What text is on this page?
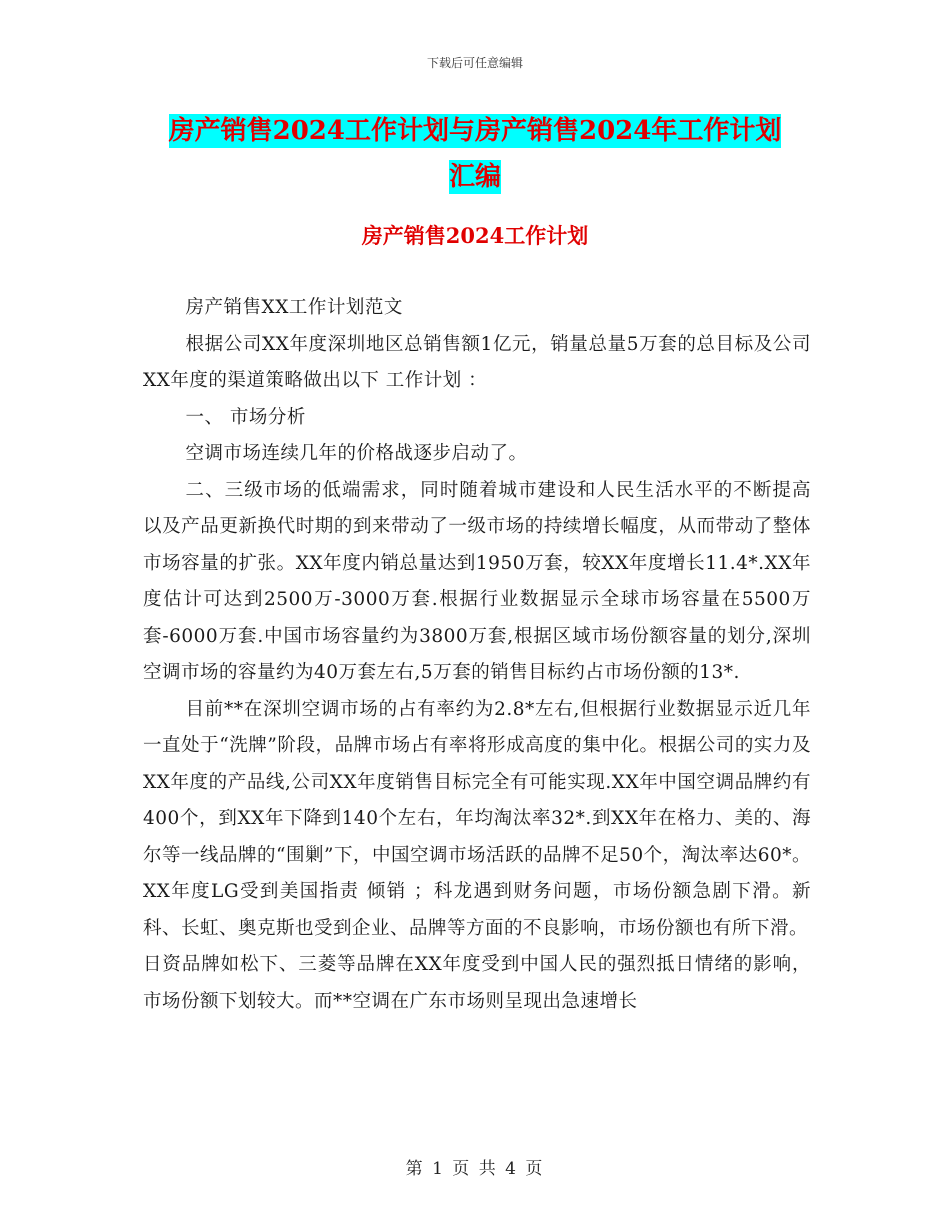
下载后可任意编辑
房产销售2024工作计划与房产销售2024年工作计划
汇编
房产销售2024工作计划

房产销售XX工作计划范文

根据公司XX年度深圳地区总销售额1亿元，销量总量5万套的总目标及公司XX年度的渠道策略做出以下 工作计划 ：

一、 市场分析

空调市场连续几年的价格战逐步启动了。

二、三级市场的低端需求，同时随着城市建设和人民生活水平的不断提高以及产品更新换代时期的到来带动了一级市场的持续增长幅度，从而带动了整体市场容量的扩张。XX年度内销总量达到1950万套，较XX年度增长11.4*.XX年度估计可达到2500万-3000万套.根据行业数据显示全球市场容量在5500万套-6000万套.中国市场容量约为3800万套,根据区域市场份额容量的划分,深圳空调市场的容量约为40万套左右,5万套的销售目标约占市场份额的13*.

目前**在深圳空调市场的占有率约为2.8*左右,但根据行业数据显示近几年一直处于“洗牌”阶段，品牌市场占有率将形成高度的集中化。根据公司的实力及XX年度的产品线,公司XX年度销售目标完全有可能实现.XX年中国空调品牌约有400个，到XX年下降到140个左右，年均淘汰率32*.到XX年在格力、美的、海尔等一线品牌的“围剿”下，中国空调市场活跃的品牌不足50个，淘汰率达60*。XX年度LG受到美国指责 倾销 ；科龙遇到财务问题，市场份额急剧下滑。新科、长虹、奥克斯也受到企业、品牌等方面的不良影响，市场份额也有所下滑。

日资品牌如松下、三菱等品牌在XX年度受到中国人民的强烈抵日情绪的影响，市场份额下划较大。而**空调在广东市场则呈现出急速增长

第 1 页 共 4 页
